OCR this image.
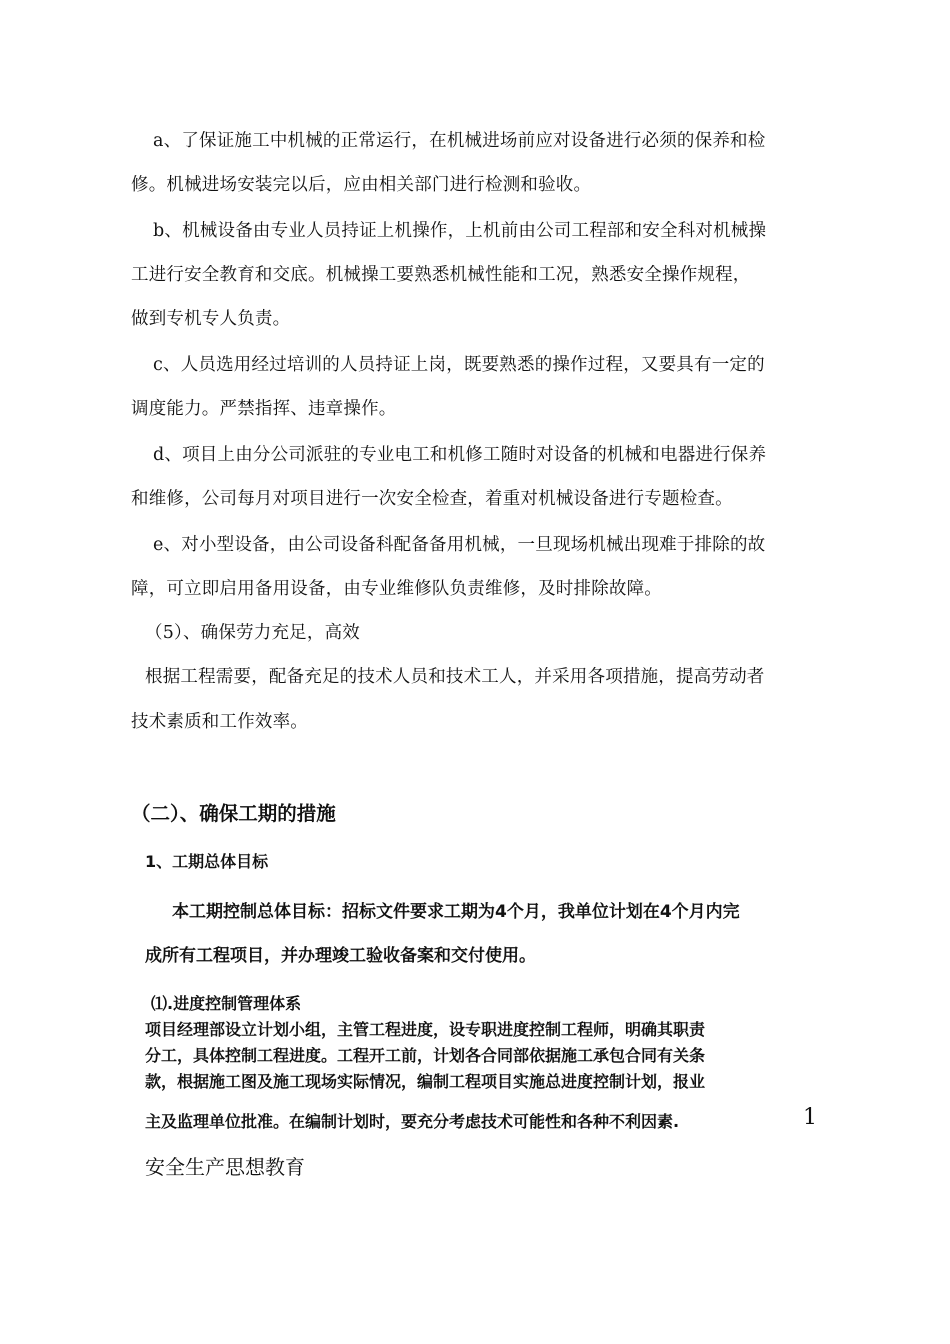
a、了保证施工中机械的正常运行，在机械进场前应对设备进行必须的保养和检

修。机械进场安装完以后，应由相关部门进行检测和验收。

b、机械设备由专业人员持证上机操作，上机前由公司工程部和安全科对机械操

工进行安全教育和交底。机械操工要熟悉机械性能和工况，熟悉安全操作规程，

做到专机专人负责。

c、人员选用经过培训的人员持证上岗，既要熟悉的操作过程，又要具有一定的

调度能力。严禁指挥、违章操作。

d、项目上由分公司派驻的专业电工和机修工随时对设备的机械和电器进行保养

和维修，公司每月对项目进行一次安全检查，着重对机械设备进行专题检查。

e、对小型设备，由公司设备科配备备用机械，一旦现场机械出现难于排除的故

障，可立即启用备用设备，由专业维修队负责维修，及时排除故障。

（5）、确保劳力充足，高效

根据工程需要，配备充足的技术人员和技术工人，并采用各项措施，提高劳动者

技术素质和工作效率。

（二）、确保工期的措施

1、工期总体目标

本工期控制总体目标：招标文件要求工期为4个月，我单位计划在4个月内完

成所有工程项目，并办理竣工验收备案和交付使用。

⑴.进度控制管理体系

项目经理部设立计划小组，主管工程进度，设专职进度控制工程师，明确其职责

分工，具体控制工程进度。工程开工前，计划各合同部依据施工承包合同有关条

款，根据施工图及施工现场实际情况，编制工程项目实施总进度控制计划，报业

主及监理单位批准。在编制计划时，要充分考虑技术可能性和各种不利因素.	1

安全生产思想教育
